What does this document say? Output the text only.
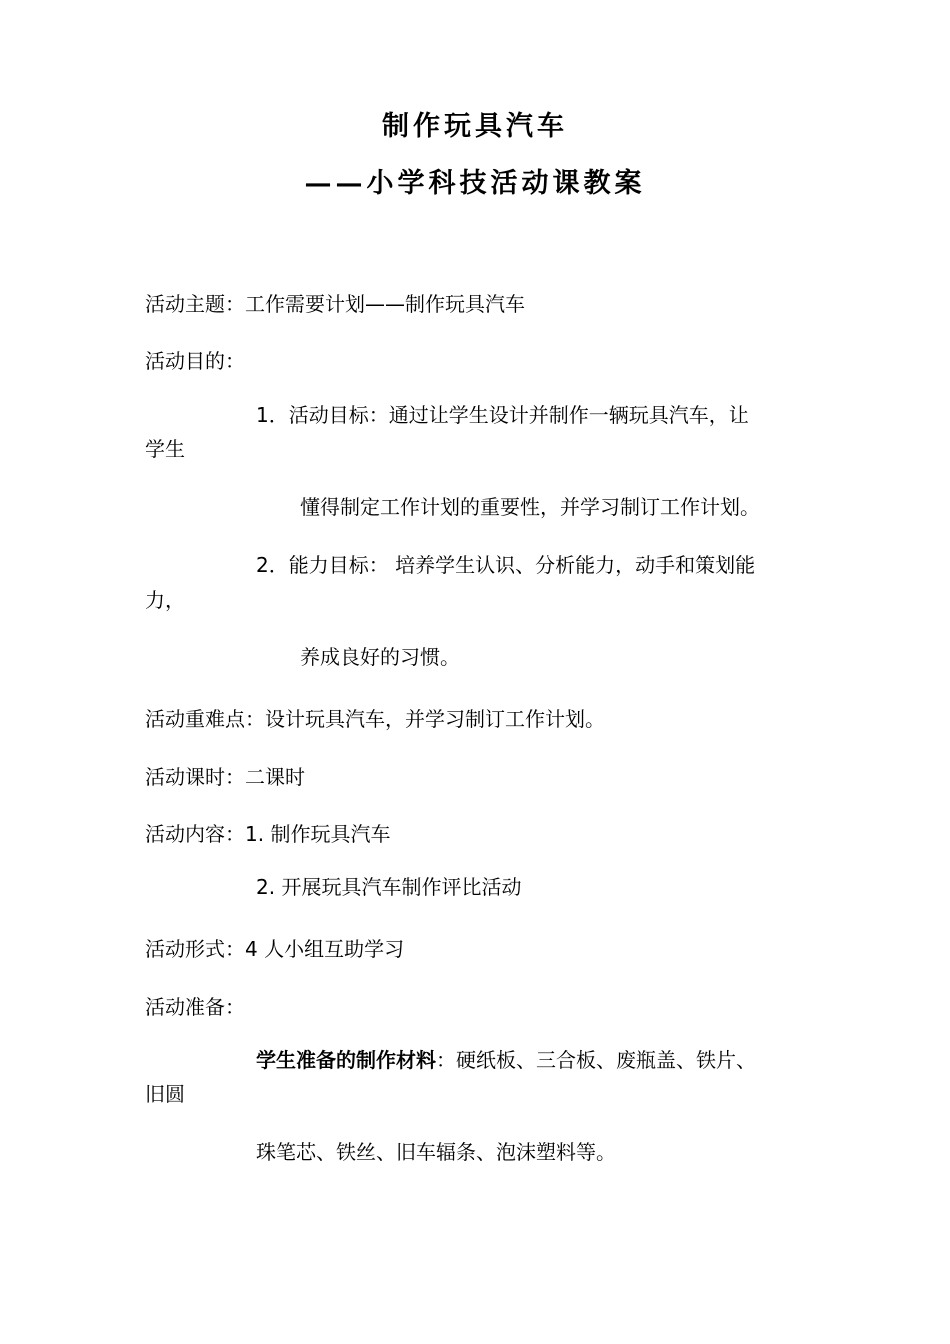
制作玩具汽车
——小学科技活动课教案
活动主题：工作需要计划——制作玩具汽车
活动目的：
1．活动目标：通过让学生设计并制作一辆玩具汽车，让
学生
懂得制定工作计划的重要性，并学习制订工作计划。
2．能力目标： 培养学生认识、分析能力，动手和策划能
力，
养成良好的习惯。
活动重难点：设计玩具汽车，并学习制订工作计划。
活动课时：二课时
活动内容：1. 制作玩具汽车
2. 开展玩具汽车制作评比活动
活动形式：4 人小组互助学习
活动准备：
学生准备的制作材料：硬纸板、三合板、废瓶盖、铁片、
旧圆
珠笔芯、铁丝、旧车辐条、泡沫塑料等。
